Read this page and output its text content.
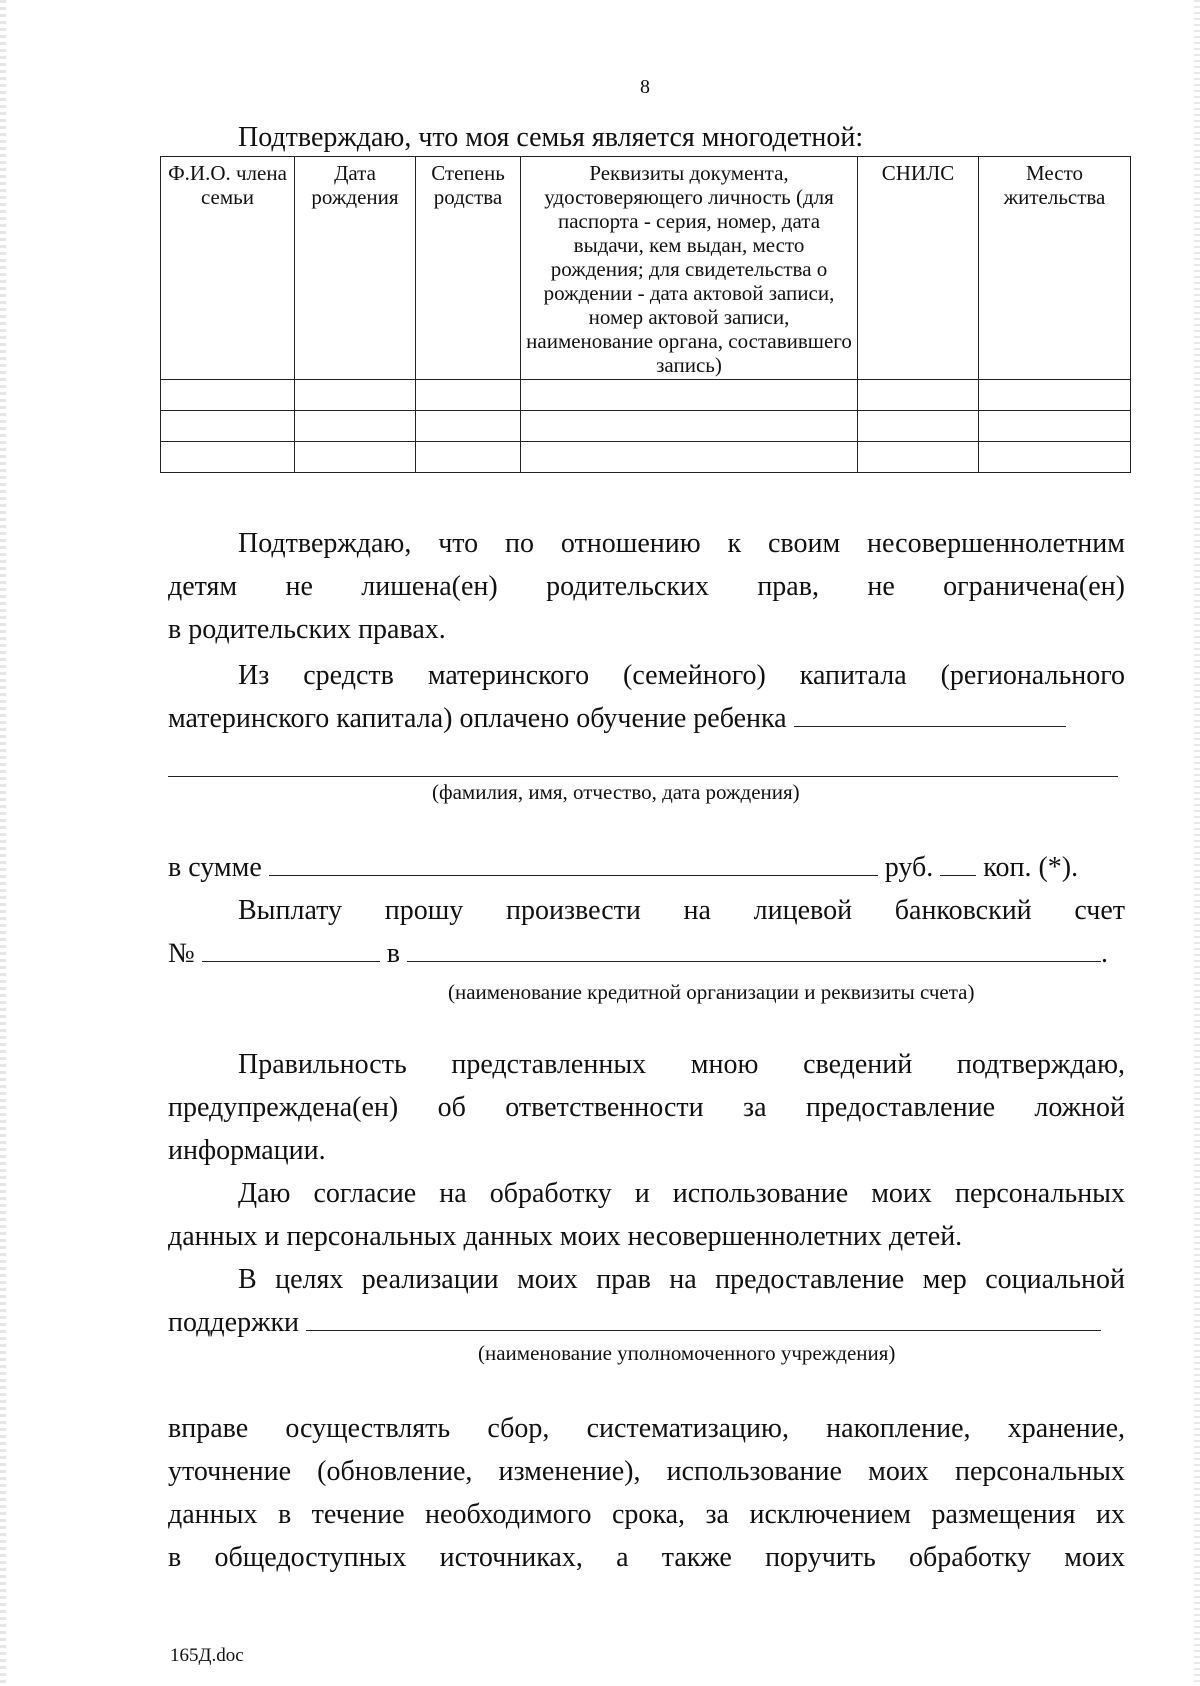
8
Подтверждаю, что моя семья является многодетной:
Ф.И.О. члена семьи	Дата рождения	Степень родства	Реквизиты документа, удостоверяющего личность (для паспорта - серия, номер, дата выдачи, кем выдан, место рождения; для свидетельства о рождении - дата актовой записи, номер актовой записи, наименование органа, составившего запись)	СНИЛС	Место жительства

Подтверждаю, что по отношению к своим несовершеннолетним

детям не лишена(ен) родительских прав, не ограничена(ен)

в родительских правах.

Из средств материнского (семейного) капитала (регионального

материнского капитала) оплачено обучение ребенка

(фамилия, имя, отчество, дата рождения)

в сумме	руб. коп. (*).

Выплату прошу произвести на лицевой банковский счет

№	в	.

(наименование кредитной организации и реквизиты счета)

Правильность представленных мною сведений подтверждаю,

предупреждена(ен) об ответственности за предоставление ложной

информации.

Даю согласие на обработку и использование моих персональных

данных и персональных данных моих несовершеннолетних детей.

В целях реализации моих прав на предоставление мер социальной

поддержки

(наименование уполномоченного учреждения)

вправе осуществлять сбор, систематизацию, накопление, хранение,

уточнение (обновление, изменение), использование моих персональных

данных в течение необходимого срока, за исключением размещения их

в общедоступных источниках, а также поручить обработку моих

165Д.doc
